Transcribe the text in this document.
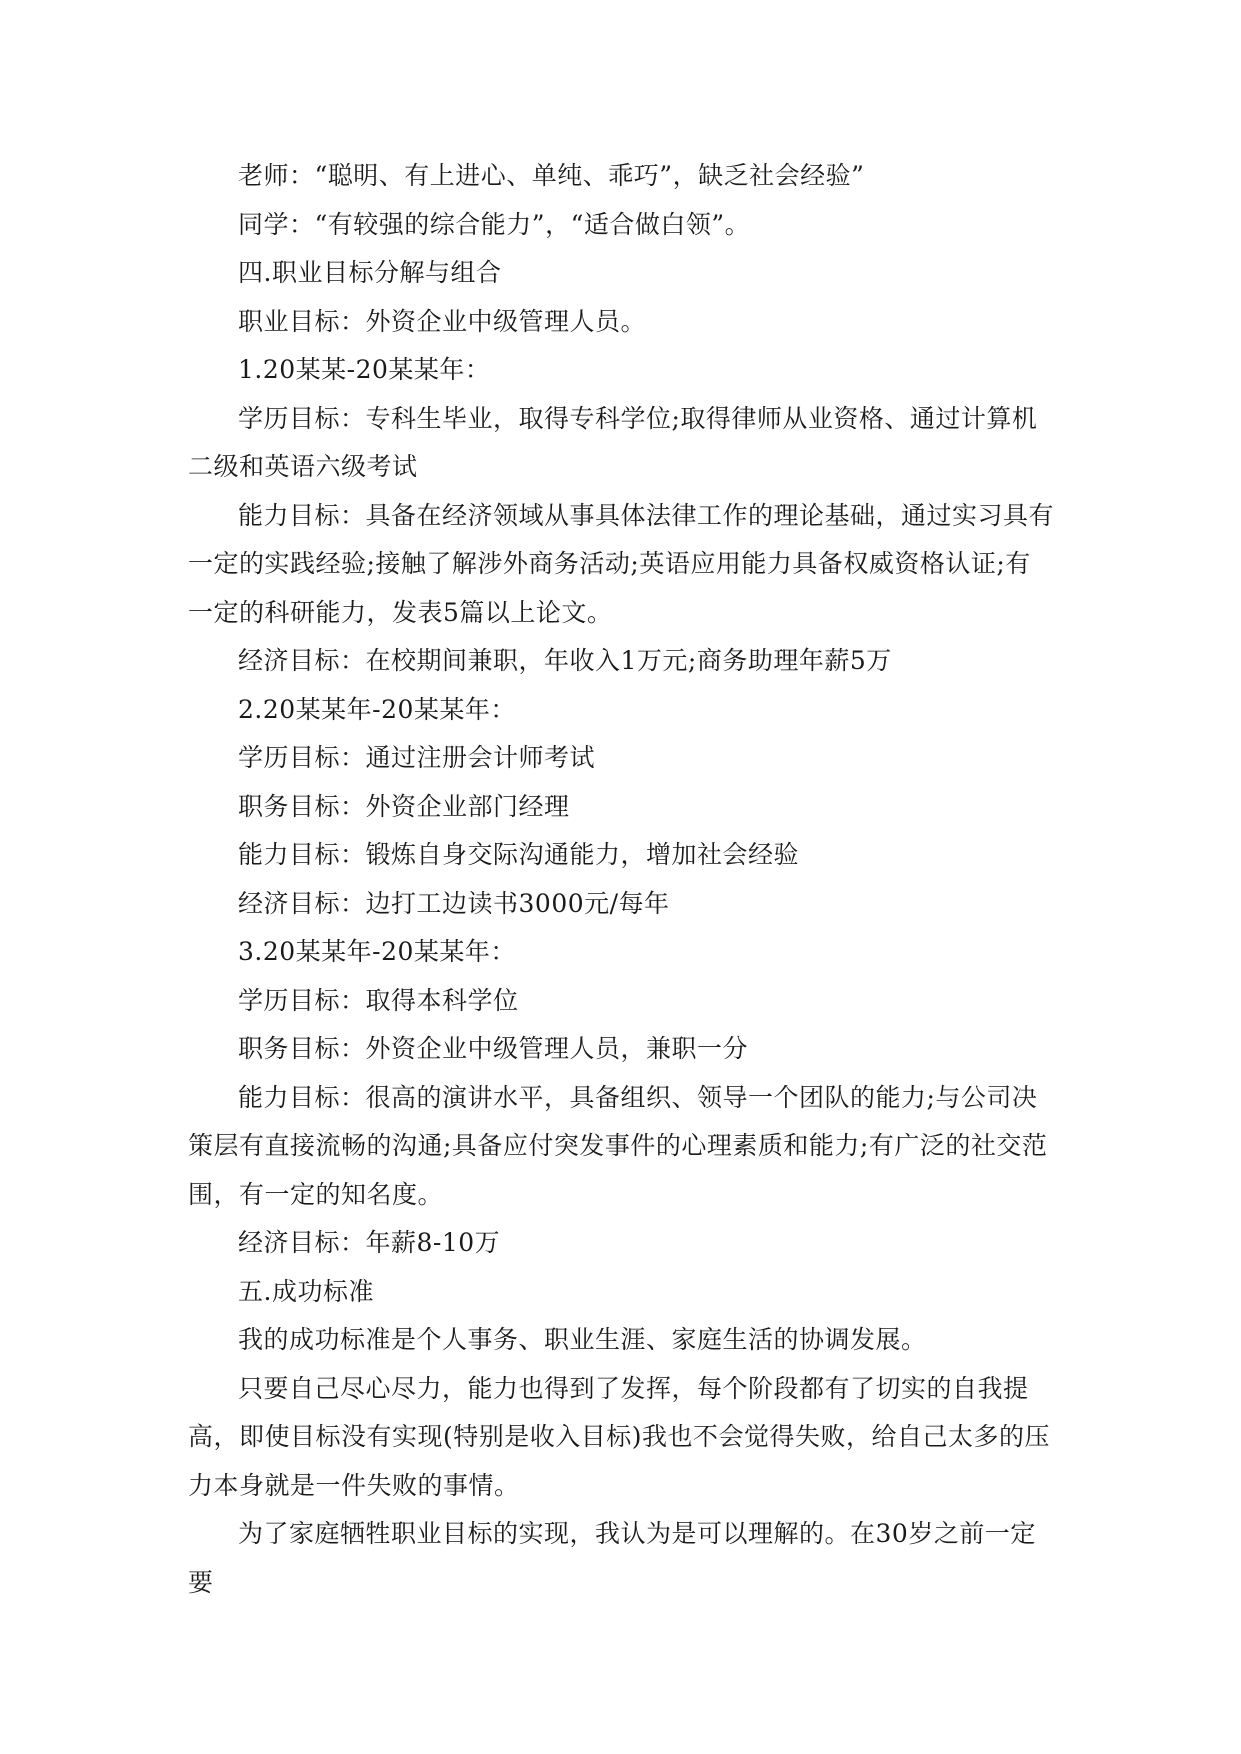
老师：“聪明、有上进心、单纯、乖巧”，缺乏社会经验”

同学：“有较强的综合能力”，“适合做白领”。

四.职业目标分解与组合

职业目标：外资企业中级管理人员。

1.20某某-20某某年：

学历目标：专科生毕业，取得专科学位;取得律师从业资格、通过计算机二级和英语六级考试

能力目标：具备在经济领域从事具体法律工作的理论基础，通过实习具有一定的实践经验;接触了解涉外商务活动;英语应用能力具备权威资格认证;有一定的科研能力，发表5篇以上论文。

经济目标：在校期间兼职，年收入1万元;商务助理年薪5万

2.20某某年-20某某年：

学历目标：通过注册会计师考试

职务目标：外资企业部门经理

能力目标：锻炼自身交际沟通能力，增加社会经验

经济目标：边打工边读书3000元/每年

3.20某某年-20某某年：

学历目标：取得本科学位

职务目标：外资企业中级管理人员，兼职一分

能力目标：很高的演讲水平，具备组织、领导一个团队的能力;与公司决策层有直接流畅的沟通;具备应付突发事件的心理素质和能力;有广泛的社交范围，有一定的知名度。

经济目标：年薪8-10万

五.成功标准

我的成功标准是个人事务、职业生涯、家庭生活的协调发展。

只要自己尽心尽力，能力也得到了发挥，每个阶段都有了切实的自我提高，即使目标没有实现(特别是收入目标)我也不会觉得失败，给自己太多的压力本身就是一件失败的事情。

为了家庭牺牲职业目标的实现，我认为是可以理解的。在30岁之前一定要
